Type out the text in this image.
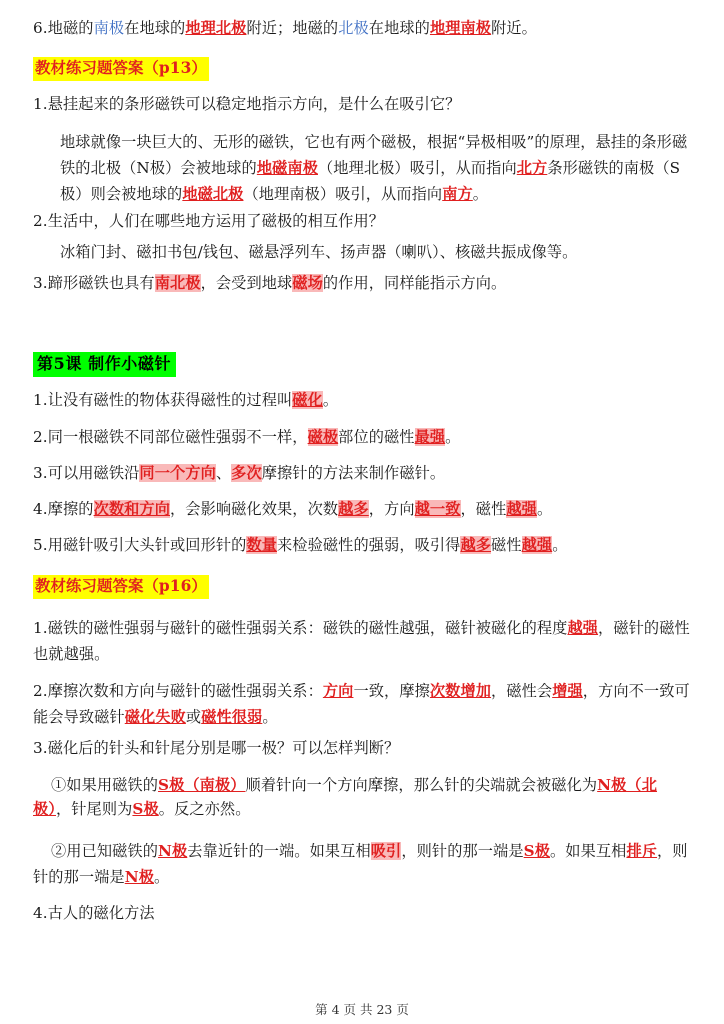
6.地磁的南极在地球的地理北极附近；地磁的北极在地球的地理南极附近。

教材练习题答案（p13）

1.悬挂起来的条形磁铁可以稳定地指示方向，是什么在吸引它？

地球就像一块巨大的、无形的磁铁，它也有两个磁极，根据“异极相吸”的原理，悬挂的条形磁铁的北极（N极）会被地球的地磁南极（地理北极）吸引，从而指向北方条形磁铁的南极（S极）则会被地球的地磁北极（地理南极）吸引，从而指向南方。

2.生活中，人们在哪些地方运用了磁极的相互作用？

冰箱门封、磁扣书包/钱包、磁悬浮列车、扬声器（喇叭）、核磁共振成像等。

3.蹄形磁铁也具有南北极，会受到地球磁场的作用，同样能指示方向。

第5课 制作小磁针

1.让没有磁性的物体获得磁性的过程叫磁化。

2.同一根磁铁不同部位磁性强弱不一样，磁极部位的磁性最强。

3.可以用磁铁沿同一个方向、多次摩擦针的方法来制作磁针。

4.摩擦的次数和方向，会影响磁化效果，次数越多，方向越一致，磁性越强。

5.用磁针吸引大头针或回形针的数量来检验磁性的强弱，吸引得越多磁性越强。

教材练习题答案（p16）

1.磁铁的磁性强弱与磁针的磁性强弱关系：磁铁的磁性越强，磁针被磁化的程度越强，磁针的磁性也就越强。

2.摩擦次数和方向与磁针的磁性强弱关系：方向一致，摩擦次数增加，磁性会增强，方向不一致可能会导致磁针磁化失败或磁性很弱。

3.磁化后的针头和针尾分别是哪一极？可以怎样判断？

①如果用磁铁的S极（南极）顺着针向一个方向摩擦，那么针的尖端就会被磁化为N极（北极），针尾则为S极。反之亦然。

②用已知磁铁的N极去靠近针的一端。如果互相吸引，则针的那一端是S极。如果互相排斥，则针的那一端是N极。

4.古人的磁化方法

第 4 页 共 23 页
